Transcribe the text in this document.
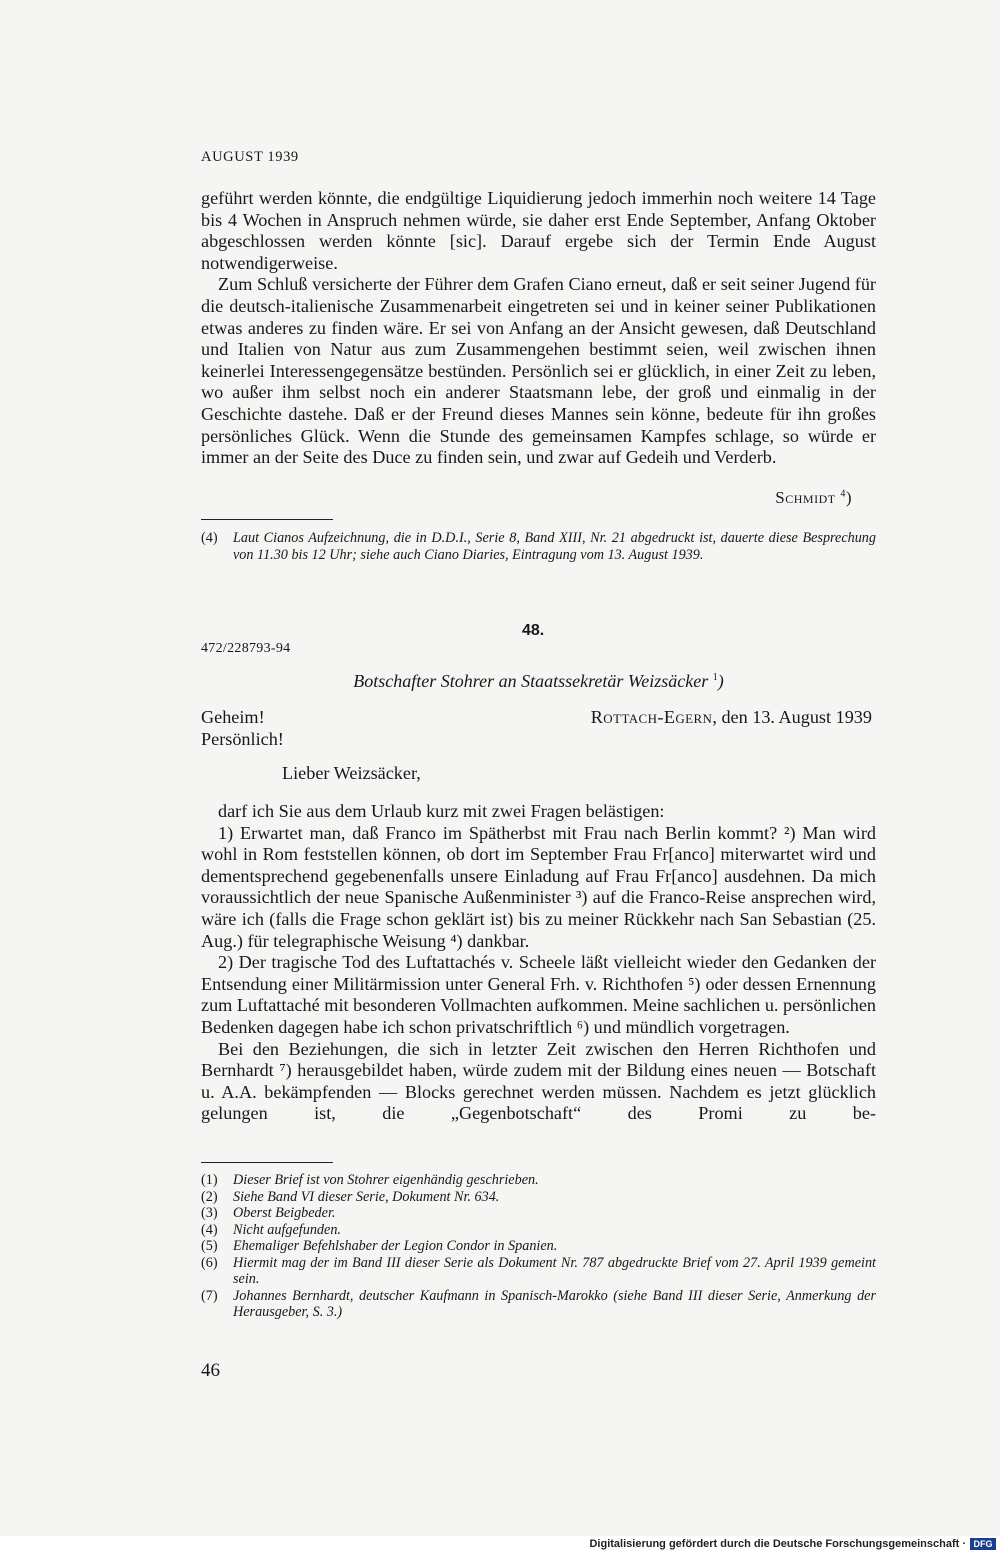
AUGUST 1939

geführt werden könnte, die endgültige Liquidierung jedoch immerhin noch weitere 14 Tage bis 4 Wochen in Anspruch nehmen würde, sie daher erst Ende September, Anfang Oktober abgeschlossen werden könnte [sic]. Darauf ergebe sich der Termin Ende August notwendigerweise.

Zum Schluß versicherte der Führer dem Grafen Ciano erneut, daß er seit seiner Jugend für die deutsch-italienische Zusammenarbeit eingetreten sei und in keiner seiner Publikationen etwas anderes zu finden wäre. Er sei von Anfang an der Ansicht gewesen, daß Deutschland und Italien von Natur aus zum Zusammengehen bestimmt seien, weil zwischen ihnen keinerlei Interessengegensätze bestünden. Persönlich sei er glücklich, in einer Zeit zu leben, wo außer ihm selbst noch ein anderer Staatsmann lebe, der groß und einmalig in der Geschichte dastehe. Daß er der Freund dieses Mannes sein könne, bedeute für ihn großes persönliches Glück. Wenn die Stunde des gemeinsamen Kampfes schlage, so würde er immer an der Seite des Duce zu finden sein, und zwar auf Gedeih und Verderb.

Schmidt $^4$)
(4)	Laut Cianos Aufzeichnung, die in D.D.I., Serie 8, Band XIII, Nr. 21 abgedruckt ist, dauerte diese Besprechung von 11.30 bis 12 Uhr; siehe auch Ciano Diaries, Eintragung vom 13. August 1939.
48.
472/228793-94
Botschafter Stohrer an Staatssekretär Weizsäcker $^1$)
Geheim!
Persönlich!
Rottach-Egern, den 13. August 1939
Lieber Weizsäcker,

darf ich Sie aus dem Urlaub kurz mit zwei Fragen belästigen:

1) Erwartet man, daß Franco im Spätherbst mit Frau nach Berlin kommt? ²) Man wird wohl in Rom feststellen können, ob dort im September Frau Fr[anco] miterwartet wird und dementsprechend gegebenenfalls unsere Einladung auf Frau Fr[anco] ausdehnen. Da mich voraussichtlich der neue Spanische Außenminister ³) auf die Franco-Reise ansprechen wird, wäre ich (falls die Frage schon geklärt ist) bis zu meiner Rückkehr nach San Sebastian (25. Aug.) für telegraphische Weisung ⁴) dankbar.

2) Der tragische Tod des Luftattachés v. Scheele läßt vielleicht wieder den Gedanken der Entsendung einer Militärmission unter General Frh. v. Richthofen ⁵) oder dessen Ernennung zum Luftattaché mit besonderen Vollmachten aufkommen. Meine sachlichen u. persönlichen Bedenken dagegen habe ich schon privatschriftlich ⁶) und mündlich vorgetragen.

Bei den Beziehungen, die sich in letzter Zeit zwischen den Herren Richthofen und Bernhardt ⁷) herausgebildet haben, würde zudem mit der Bildung eines neuen — Botschaft u. A.A. bekämpfenden — Blocks gerechnet werden müssen. Nachdem es jetzt glücklich gelungen ist, die „Gegenbotschaft“ des Promi zu be-

(1)	Dieser Brief ist von Stohrer eigenhändig geschrieben.
(2)	Siehe Band VI dieser Serie, Dokument Nr. 634.
(3)	Oberst Beigbeder.
(4)	Nicht aufgefunden.
(5)	Ehemaliger Befehlshaber der Legion Condor in Spanien.
(6)	Hiermit mag der im Band III dieser Serie als Dokument Nr. 787 abgedruckte Brief vom 27. April 1939 gemeint sein.
(7)	Johannes Bernhardt, deutscher Kaufmann in Spanisch-Marokko (siehe Band III dieser Serie, Anmerkung der Herausgeber, S. 3.)
46
Digitalisierung gefördert durch die Deutsche Forschungsgemeinschaft · DFG
